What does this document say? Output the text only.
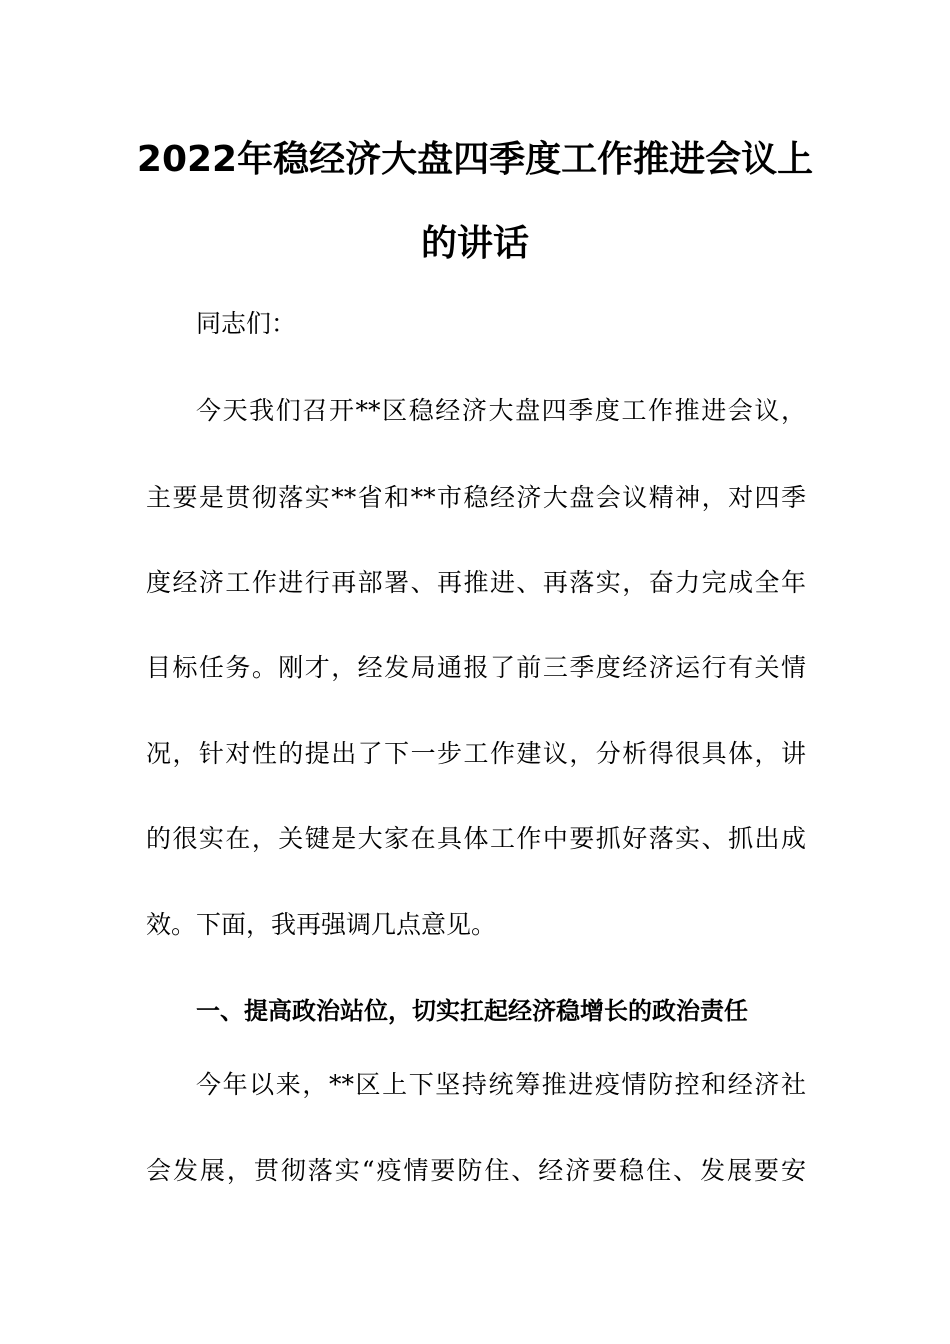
2022年稳经济大盘四季度工作推进会议上
的讲话
同志们：
今天我们召开**区稳经济大盘四季度工作推进会议，
主要是贯彻落实**省和**市稳经济大盘会议精神，对四季
度经济工作进行再部署、再推进、再落实，奋力完成全年
目标任务。刚才，经发局通报了前三季度经济运行有关情
况，针对性的提出了下一步工作建议，分析得很具体，讲
的很实在，关键是大家在具体工作中要抓好落实、抓出成
效。下面，我再强调几点意见。
一、提高政治站位，切实扛起经济稳增长的政治责任
今年以来，**区上下坚持统筹推进疫情防控和经济社
会发展，贯彻落实“疫情要防住、经济要稳住、发展要安
